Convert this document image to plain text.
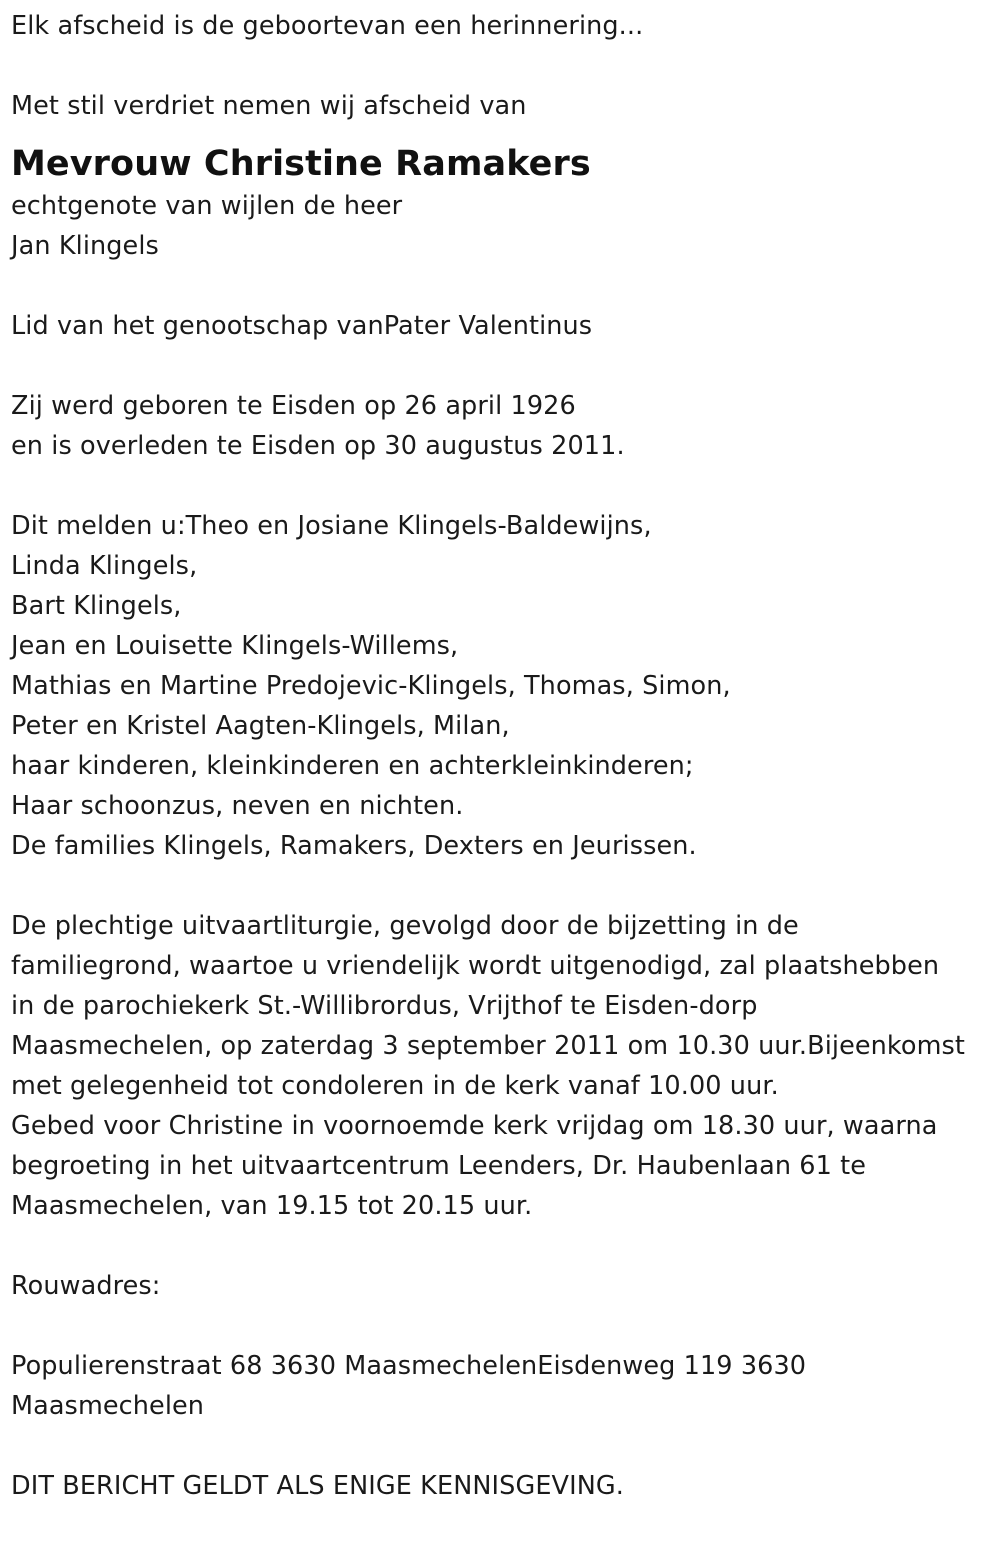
Elk afscheid is de geboortevan een herinnering...
Met stil verdriet nemen wij afscheid van
Mevrouw Christine Ramakers
echtgenote van wijlen de heer
Jan Klingels
Lid van het genootschap vanPater Valentinus
Zij werd geboren te Eisden op 26 april 1926
en is overleden te Eisden op 30 augustus 2011.
Dit melden u:Theo en Josiane Klingels-Baldewijns,
Linda Klingels,
Bart Klingels,
Jean en Louisette Klingels-Willems,
Mathias en Martine Predojevic-Klingels, Thomas, Simon,
Peter en Kristel Aagten-Klingels, Milan,
haar kinderen, kleinkinderen en achterkleinkinderen;
Haar schoonzus, neven en nichten.
De families Klingels, Ramakers, Dexters en Jeurissen.
De plechtige uitvaartliturgie, gevolgd door de bijzetting in de
familiegrond, waartoe u vriendelijk wordt uitgenodigd, zal plaatshebben
in de parochiekerk St.-Willibrordus, Vrijthof te Eisden-dorp
Maasmechelen, op zaterdag 3 september 2011 om 10.30 uur.Bijeenkomst
met gelegenheid tot condoleren in de kerk vanaf 10.00 uur.
Gebed voor Christine in voornoemde kerk vrijdag om 18.30 uur, waarna
begroeting in het uitvaartcentrum Leenders, Dr. Haubenlaan 61 te
Maasmechelen, van 19.15 tot 20.15 uur.
Rouwadres:
Populierenstraat 68 3630 MaasmechelenEisdenweg 119 3630
Maasmechelen
DIT BERICHT GELDT ALS ENIGE KENNISGEVING.
